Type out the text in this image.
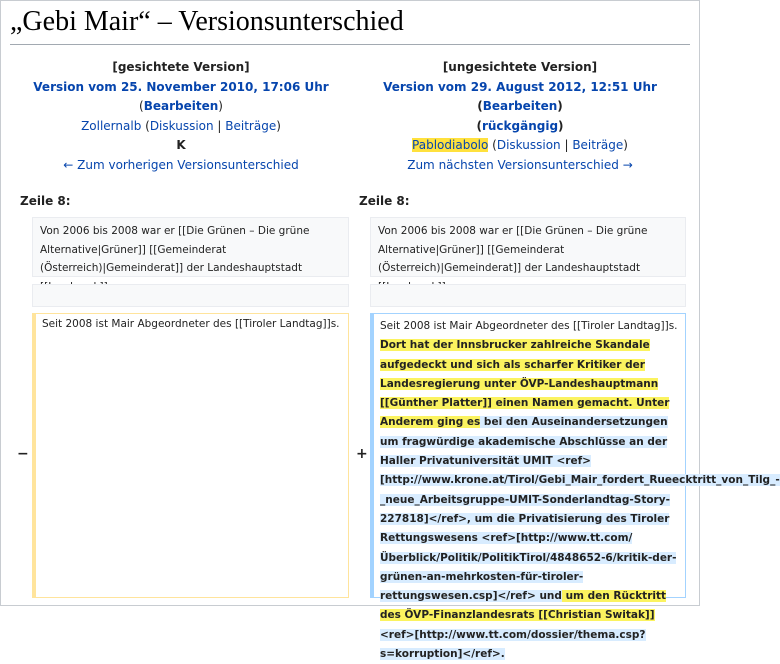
„Gebi Mair“ – Versionsunterschied
[gesichtete Version]
Version vom 25. November 2010, 17:06 Uhr
(Bearbeiten)
Zollernalb (Diskussion | Beiträge)
K
← Zum vorherigen Versionsunterschied
[ungesichtete Version]
Version vom 29. August 2012, 12:51 Uhr (Bearbeiten)
(rückgängig)
Pablodiabolo (Diskussion | Beiträge)
Zum nächsten Versionsunterschied →
Zeile 8:	Zeile 8:
Von 2006 bis 2008 war er [[Die Grünen – Die grüne Alternative|Grüner]] [[Gemeinderat (Österreich)|Gemeinderat]] der Landeshauptstadt
Von 2006 bis 2008 war er [[Die Grünen – Die grüne Alternative|Grüner]] [[Gemeinderat (Österreich)|Gemeinderat]] der Landeshauptstadt
−	+
Seit 2008 ist Mair Abgeordneter des [[Tiroler Landtag]]s.	Seit 2008 ist Mair Abgeordneter des [[Tiroler Landtag]]s. Dort hat der Innsbrucker zahlreiche Skandale aufgedeckt und sich als scharfer Kritiker der Landesregierung unter ÖVP-Landeshauptmann [[Günther Platter]] einen Namen gemacht. Unter Anderem ging es bei den Auseinandersetzungen um fragwürdige akademische Abschlüsse an der Haller Privatuniversität UMIT <ref>[http://www.krone.at/Tirol/Gebi_Mair_fordert_Rueecktritt_von_Tilg_-_neue_Arbeitsgruppe-UMIT-Sonderlandtag-Story-227818]</ref>, um die Privatisierung des Tiroler Rettungswesens <ref>[http://www.tt.com/Überblick/Politik/PolitikTirol/4848652-6/kritik-der-grünen-an-mehrkosten-für-tiroler-rettungswesen.csp]</ref> und um den Rücktritt des ÖVP-Finanzlandesrats [[Christian Switak]] <ref>[http://www.tt.com/dossier/thema.csp?s=korruption]</ref>.
